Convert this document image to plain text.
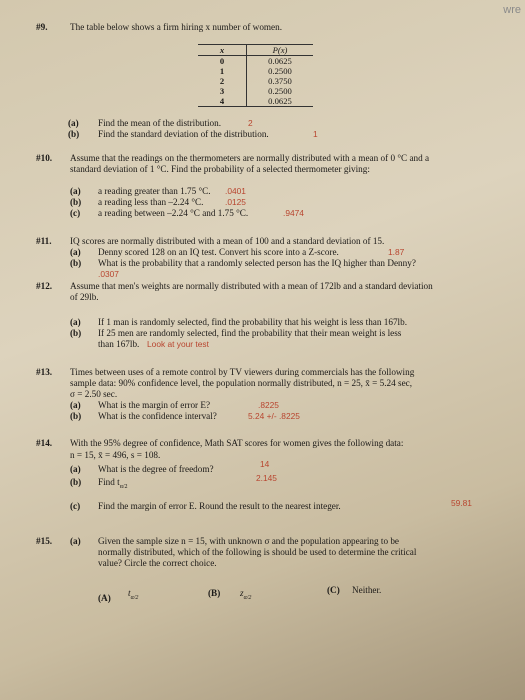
wre
#9. The table below shows a firm hiring x number of women.
x	P(x)
0	0.0625
1	0.2500
2	0.3750
3	0.2500
4	0.0625
(a) Find the mean of the distribution.	2
(b) Find the standard deviation of the distribution.	1
#10. Assume that the readings on the thermometers are normally distributed with a mean of 0 °C and a
standard deviation of 1 °C. Find the probability of a selected thermometer giving:
(a) a reading greater than 1.75 °C. .0401
(b) a reading less than –2.24 °C.	.0125
(c) a reading between –2.24 °C and 1.75 °C.	.9474
#11. IQ scores are normally distributed with a mean of 100 and a standard deviation of 15.
(a) Denny scored 128 on an IQ test. Convert his score into a Z-score.	1.87
(b) What is the probability that a randomly selected person has the IQ higher than Denny?
.0307
#12. Assume that men's weights are normally distributed with a mean of 172lb and a standard deviation
of 29lb.
(a) If 1 man is randomly selected, find the probability that his weight is less than 167lb.
(b) If 25 men are randomly selected, find the probability that their mean weight is less
than 167lb. Look at your test
#13. Times between uses of a remote control by TV viewers during commercials has the following
sample data: 90% confidence level, the population normally distributed, n = 25, x̄ = 5.24 sec,
σ = 2.50 sec.
(a) What is the margin of error E?	.8225
(b) What is the confidence interval?	5.24 +/- .8225
#14. With the 95% degree of confidence, Math SAT scores for women gives the following data:
n = 15, x̄ = 496, s = 108.
(a) What is the degree of freedom?	14
(b) Find $t_{\alpha/2}$
2.145
(c) Find the margin of error E. Round the result to the nearest integer.	59.81
#15. (a) Given the sample size n = 15, with unknown σ and the population appearing to be
normally distributed, which of the following is should be used to determine the critical
value? Circle the correct choice.
(A) $t_{\alpha/2}$	(B) $z_{\alpha/2}$
(C) Neither.
